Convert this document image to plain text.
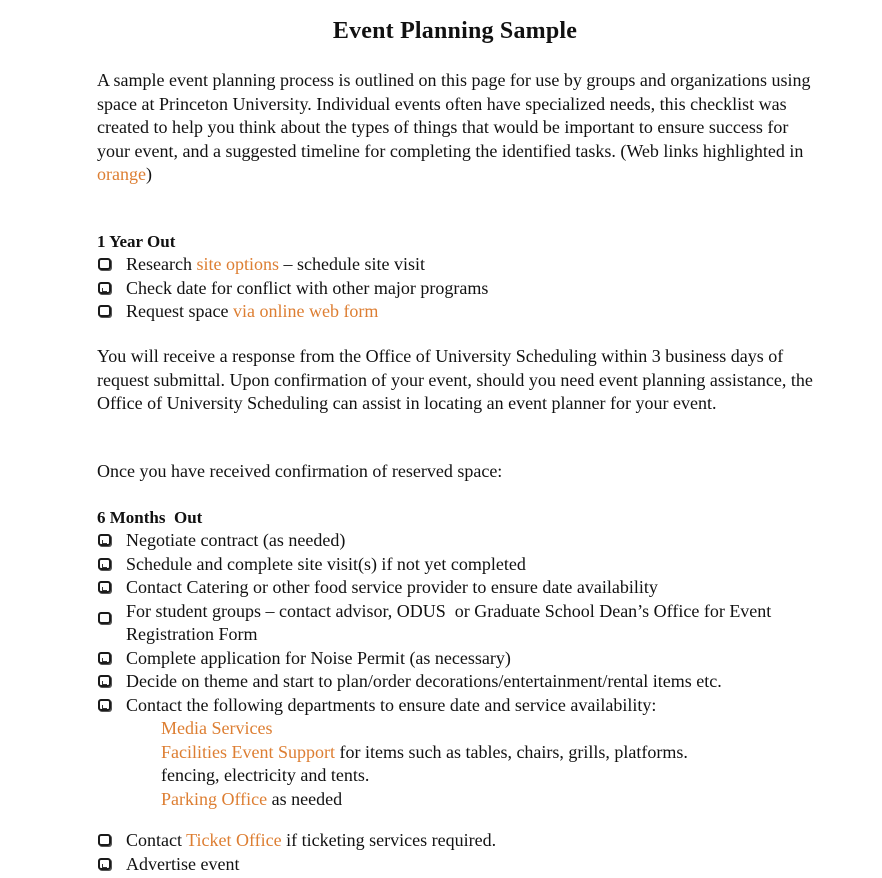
Event Planning Sample
A sample event planning process is outlined on this page for use by groups and organizations using space at Princeton University. Individual events often have specialized needs, this checklist was created to help you think about the types of things that would be important to ensure success for your event, and a suggested timeline for completing the identified tasks. (Web links highlighted in orange)
1 Year Out
Research site options – schedule site visit
Check date for conflict with other major programs
Request space via online web form
You will receive a response from the Office of University Scheduling within 3 business days of request submittal. Upon confirmation of your event, should you need event planning assistance, the Office of University Scheduling can assist in locating an event planner for your event.
Once you have received confirmation of reserved space:
6 Months  Out
Negotiate contract (as needed)
Schedule and complete site visit(s) if not yet completed
Contact Catering or other food service provider to ensure date availability
For student groups – contact advisor, ODUS  or Graduate School Dean’s Office for Event Registration Form
Complete application for Noise Permit (as necessary)
Decide on theme and start to plan/order decorations/entertainment/rental items etc.
Contact the following departments to ensure date and service availability:
Media Services
Facilities Event Support for items such as tables, chairs, grills, platforms.
fencing, electricity and tents.
Parking Office as needed
Contact Ticket Office if ticketing services required.
Advertise event
